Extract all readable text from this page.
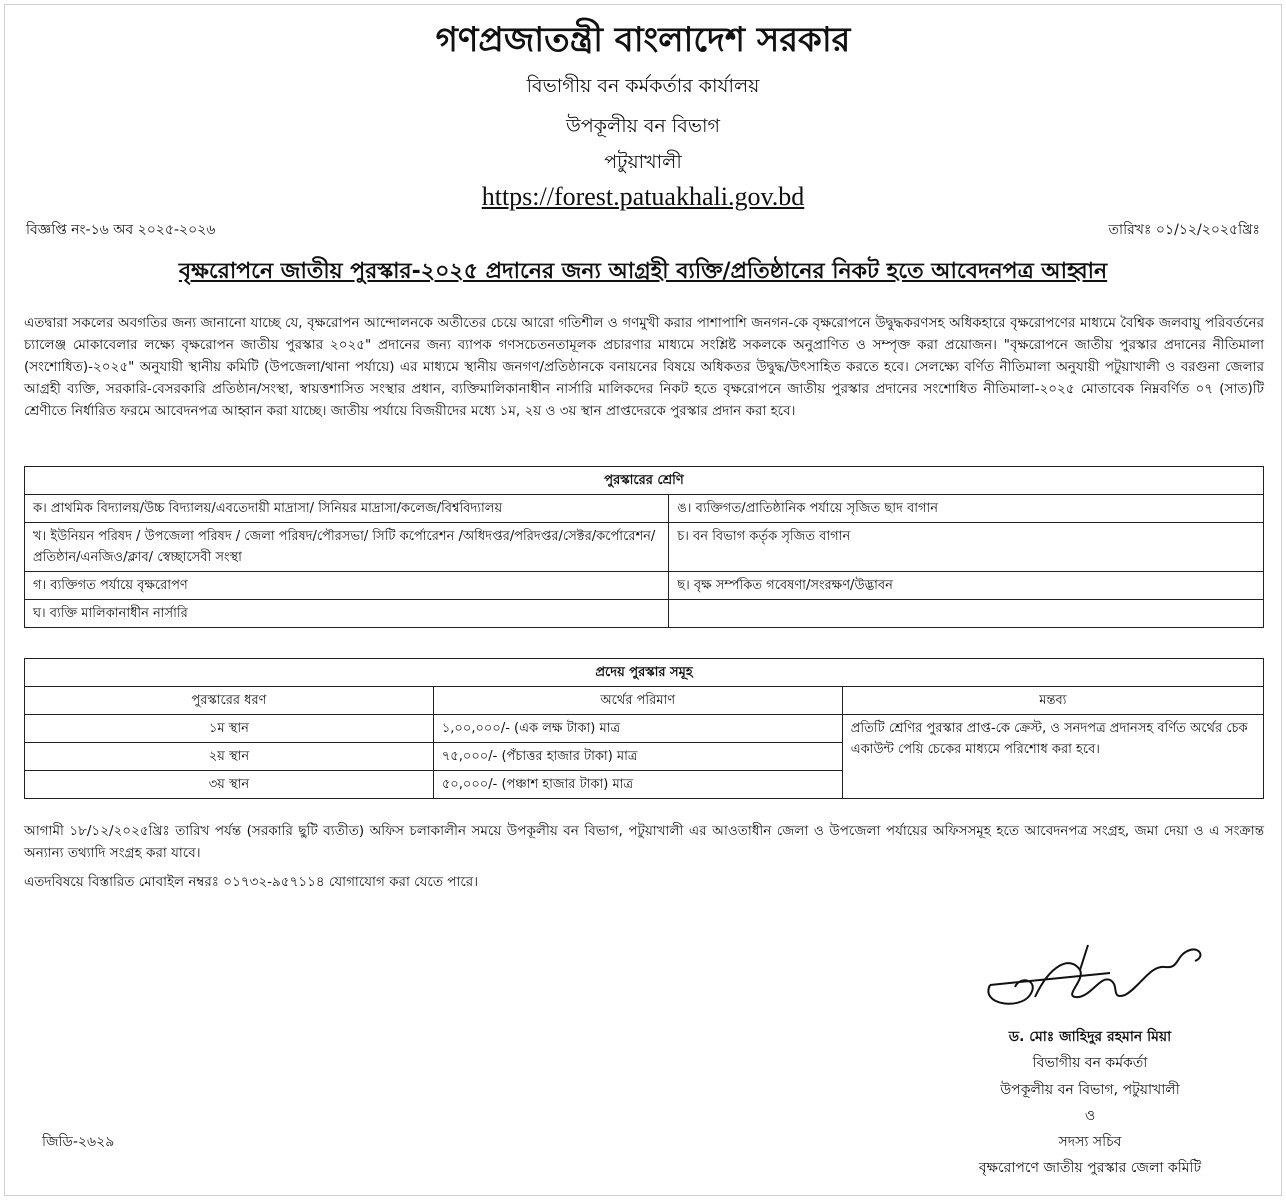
গণপ্রজাতন্ত্রী বাংলাদেশ সরকার
বিভাগীয় বন কর্মকর্তার কার্যালয়
উপকূলীয় বন বিভাগ
পটুয়াখালী
https://forest.patuakhali.gov.bd
বিজ্ঞপ্তি নং-১৬ অব ২০২৫-২০২৬	তারিখঃ ০১/১২/২০২৫খ্রিঃ
বৃক্ষরোপনে জাতীয় পুরস্কার-২০২৫ প্রদানের জন্য আগ্রহী ব্যক্তি/প্রতিষ্ঠানের নিকট হতে আবেদনপত্র আহ্বান
এতদ্বারা সকলের অবগতির জন্য জানানো যাচ্ছে যে, বৃক্ষরোপন আন্দোলনকে অতীতের চেয়ে আরো গতিশীল ও গণমুখী করার পাশাপাশি জনগন-কে বৃক্ষরোপনে উদ্বুদ্ধকরণসহ অধিকহারে বৃক্ষরোপণের মাধ্যমে বৈশ্বিক জলবায়ু পরিবর্তনের চ্যালেঞ্জ মোকাবেলার লক্ষ্যে বৃক্ষরোপন জাতীয় পুরস্কার ২০২৫" প্রদানের জন্য ব্যাপক গণসচেতনতামূলক প্রচারণার মাধ্যমে সংশ্লিষ্ট সকলকে অনুপ্রাণিত ও সম্পৃক্ত করা প্রয়োজন। "বৃক্ষরোপনে জাতীয় পুরস্কার প্রদানের নীতিমালা (সংশোধিত)-২০২৫" অনুযায়ী স্থানীয় কমিটি (উপজেলা/থানা পর্যায়ে) এর মাধ্যমে স্থানীয় জনগণ/প্রতিষ্ঠানকে বনায়নের বিষয়ে অধিকতর উদ্বুদ্ধ/উৎসাহিত করতে হবে। সেলক্ষ্যে বর্ণিত নীতিমালা অনুযায়ী পটুয়াখালী ও বরগুনা জেলার আগ্রহী ব্যক্তি, সরকারি-বেসরকারি প্রতিষ্ঠান/সংস্থা, স্বায়ত্তশাসিত সংস্থার প্রধান, ব্যক্তিমালিকানাধীন নার্সারি মালিকদের নিকট হতে বৃক্ষরোপনে জাতীয় পুরস্কার প্রদানের সংশোধিত নীতিমালা-২০২৫ মোতাবেক নিম্নবর্ণিত ০৭ (সাত)টি শ্রেণীতে নির্ধারিত ফরমে আবেদনপত্র আহ্বান করা যাচ্ছে। জাতীয় পর্যায়ে বিজয়ীদের মধ্যে ১ম, ২য় ও ৩য় স্থান প্রাপ্তদেরকে পুরস্কার প্রদান করা হবে।
পুরস্কারের শ্রেণি	
ক। প্রাথমিক বিদ্যালয়/উচ্চ বিদ্যালয়/এবতেদায়ী মাদ্রাসা/ সিনিয়র মাদ্রাসা/কলেজ/বিশ্ববিদ্যালয়	ঙ। ব্যক্তিগত/প্রাতিষ্ঠানিক পর্যায়ে সৃজিত ছাদ বাগান
খ। ইউনিয়ন পরিষদ / উপজেলা পরিষদ / জেলা পরিষদ/পৌরসভা/ সিটি কর্পোরেশন /অধিদপ্তর/পরিদপ্তর/সেক্টর/কর্পোরেশন/প্রতিষ্ঠান/এনজিও/ক্লাব/ স্বেচ্ছাসেবী সংস্থা	চ। বন বিভাগ কর্তৃক সৃজিত বাগান
গ। ব্যক্তিগত পর্যায়ে বৃক্ষরোপণ	ছ। বৃক্ষ সর্ম্পকিত গবেষণা/সংরক্ষণ/উদ্ভাবন
ঘ। ব্যক্তি মালিকানাধীন নার্সারি	
প্রদেয় পুরস্কার সমূহ		
পুরস্কারের ধরণ	অর্থের পরিমাণ	মন্তব্য
১ম স্থান	১,০০,০০০/- (এক লক্ষ টাকা) মাত্র	প্রতিটি শ্রেণির পুরস্কার প্রাপ্ত-কে ক্রেস্ট, ও সনদপত্র প্রদানসহ বর্ণিত অর্থের চেক একাউন্ট পেয়ি চেকের মাধ্যমে পরিশোধ করা হবে।
২য় স্থান	৭৫,০০০/- (পঁচাত্তর হাজার টাকা) মাত্র	
৩য় স্থান	৫০,০০০/- (পঞ্চাশ হাজার টাকা) মাত্র	
আগামী ১৮/১২/২০২৫খ্রিঃ তারিখ পর্যন্ত (সরকারি ছুটি ব্যতীত) অফিস চলাকালীন সময়ে উপকূলীয় বন বিভাগ, পটুয়াখালী এর আওতাধীন জেলা ও উপজেলা পর্যায়ের অফিসসমূহ হতে আবেদনপত্র সংগ্রহ, জমা দেয়া ও এ সংক্রান্ত অন্যান্য তথ্যাদি সংগ্রহ করা যাবে।
এতদবিষয়ে বিস্তারিত মোবাইল নম্বরঃ ০১৭৩২-৯৫৭১১৪ যোগাযোগ করা যেতে পারে।
ড. মোঃ জাহিদুর রহমান মিয়া
বিভাগীয় বন কর্মকর্তা
উপকূলীয় বন বিভাগ, পটুয়াখালী
ও
সদস্য সচিব
বৃক্ষরোপণে জাতীয় পুরস্কার জেলা কমিটি
জিডি-২৬২৯
